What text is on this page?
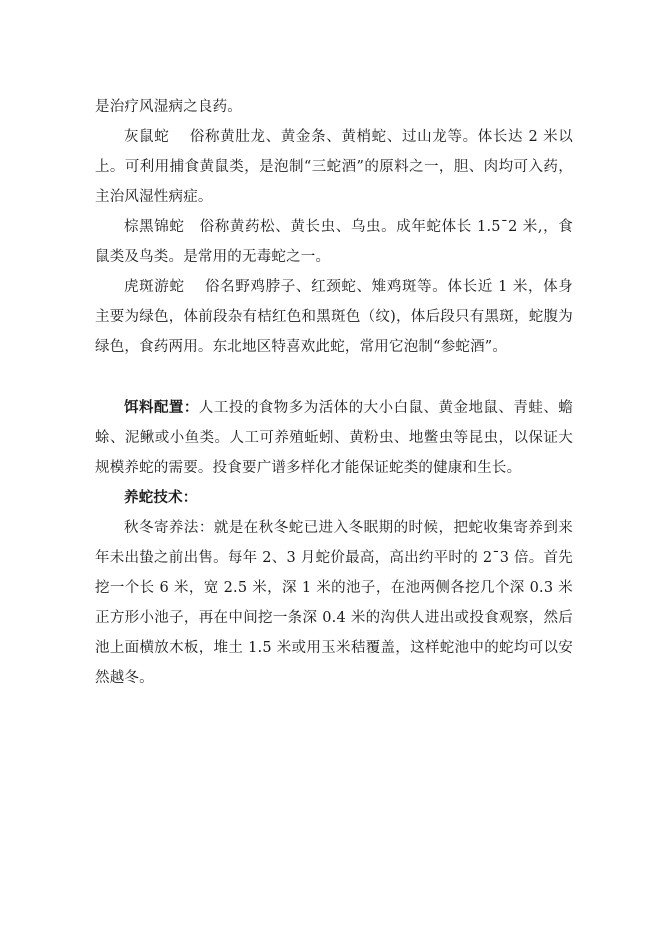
是治疗风湿病之良药。

灰鼠蛇　 俗称黄肚龙、黄金条、黄梢蛇、过山龙等。体长达 2 米以上。可利用捕食黄鼠类，是泡制“三蛇酒”的原料之一，胆、肉均可入药，主治风湿性病症。

棕黑锦蛇　俗称黄药松、黄长虫、乌虫。成年蛇体长 1.5¯2 米,，食鼠类及鸟类。是常用的无毒蛇之一。

虎斑游蛇　 俗名野鸡脖子、红颈蛇、雉鸡斑等。体长近 1 米，体身主要为绿色，体前段杂有桔红色和黑斑色（纹)，体后段只有黑斑，蛇腹为绿色，食药两用。东北地区特喜欢此蛇，常用它泡制“参蛇酒”。

饵料配置：人工投的食物多为活体的大小白鼠、黄金地鼠、青蛙、蟾蜍、泥鳅或小鱼类。人工可养殖蚯蚓、黄粉虫、地鳖虫等昆虫，以保证大规模养蛇的需要。投食要广谱多样化才能保证蛇类的健康和生长。

养蛇技术：

秋冬寄养法：就是在秋冬蛇已进入冬眠期的时候，把蛇收集寄养到来年未出蛰之前出售。每年 2、3 月蛇价最高，高出约平时的 2¯3 倍。首先挖一个长 6 米，宽 2.5 米，深 1 米的池子，在池两侧各挖几个深 0.3 米正方形小池子，再在中间挖一条深 0.4 米的沟供人进出或投食观察，然后池上面横放木板，堆土 1.5 米或用玉米秸覆盖，这样蛇池中的蛇均可以安然越冬。
